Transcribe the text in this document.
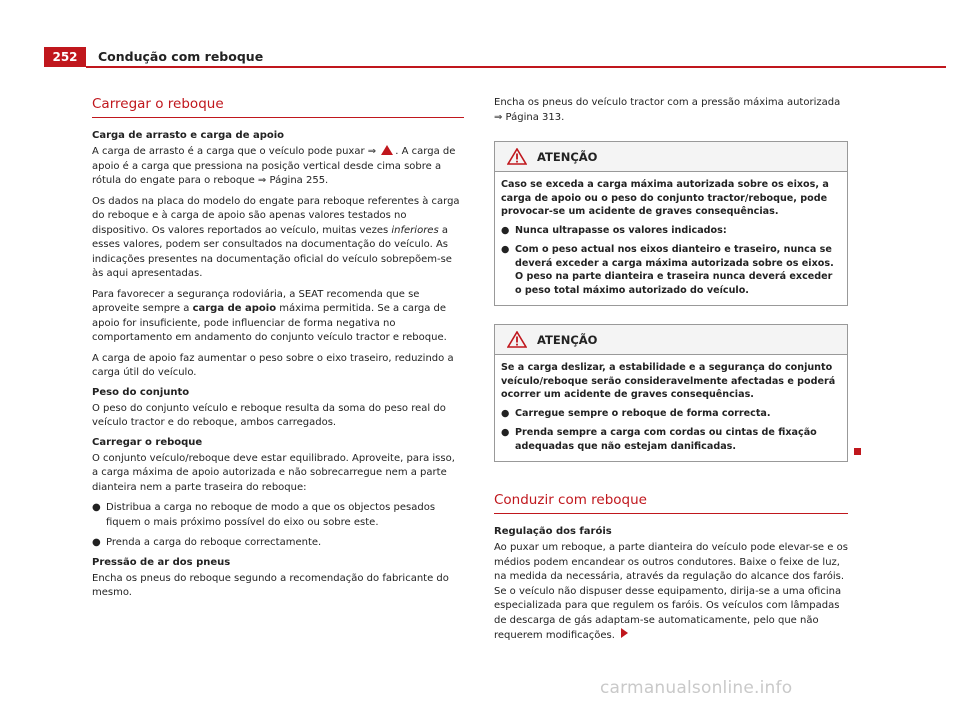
252	Condução com reboque
Carregar o reboque
Carga de arrasto e carga de apoio

A carga de arrasto é a carga que o veículo pode puxar ⇒ . A carga de apoio é a carga que pressiona na posição vertical desde cima sobre a rótula do engate para o reboque ⇒ Página 255.

Os dados na placa do modelo do engate para reboque referentes à carga do reboque e à carga de apoio são apenas valores testados no dispositivo. Os valores reportados ao veículo, muitas vezes inferiores a esses valores, podem ser consultados na documentação do veículo. As indicações presentes na documentação oficial do veículo sobrepõem-se às aqui apresentadas.

Para favorecer a segurança rodoviária, a SEAT recomenda que se aproveite sempre a carga de apoio máxima permitida. Se a carga de apoio for insuficiente, pode influenciar de forma negativa no comportamento em andamento do conjunto veículo tractor e reboque.

A carga de apoio faz aumentar o peso sobre o eixo traseiro, reduzindo a carga útil do veículo.

Peso do conjunto

O peso do conjunto veículo e reboque resulta da soma do peso real do veículo tractor e do reboque, ambos carregados.

Carregar o reboque

O conjunto veículo/reboque deve estar equilibrado. Aproveite, para isso, a carga máxima de apoio autorizada e não sobrecarregue nem a parte dianteira nem a parte traseira do reboque:

● Distribua a carga no reboque de modo a que os objectos pesados fiquem o mais próximo possível do eixo ou sobre este.
● Prenda a carga do reboque correctamente.
Pressão de ar dos pneus

Encha os pneus do reboque segundo a recomendação do fabricante do mesmo.

Encha os pneus do veículo tractor com a pressão máxima autorizada ⇒ Página 313.

ATENÇÃO

Caso se exceda a carga máxima autorizada sobre os eixos, a carga de apoio ou o peso do conjunto tractor/reboque, pode provocar-se um acidente de graves consequências.

● Nunca ultrapasse os valores indicados:
● Com o peso actual nos eixos dianteiro e traseiro, nunca se deverá exceder a carga máxima autorizada sobre os eixos. O peso na parte dianteira e traseira nunca deverá exceder o peso total máximo autorizado do veículo.
ATENÇÃO

Se a carga deslizar, a estabilidade e a segurança do conjunto veículo/reboque serão consideravelmente afectadas e poderá ocorrer um acidente de graves consequências.

● Carregue sempre o reboque de forma correcta.
● Prenda sempre a carga com cordas ou cintas de fixação adequadas que não estejam danificadas.
Conduzir com reboque
Regulação dos faróis

Ao puxar um reboque, a parte dianteira do veículo pode elevar-se e os médios podem encandear os outros condutores. Baixe o feixe de luz, na medida da necessária, através da regulação do alcance dos faróis. Se o veículo não dispuser desse equipamento, dirija-se a uma oficina especializada para que regulem os faróis. Os veículos com lâmpadas de descarga de gás adaptam-se automaticamente, pelo que não requerem modificações.

carmanualsonline.info
